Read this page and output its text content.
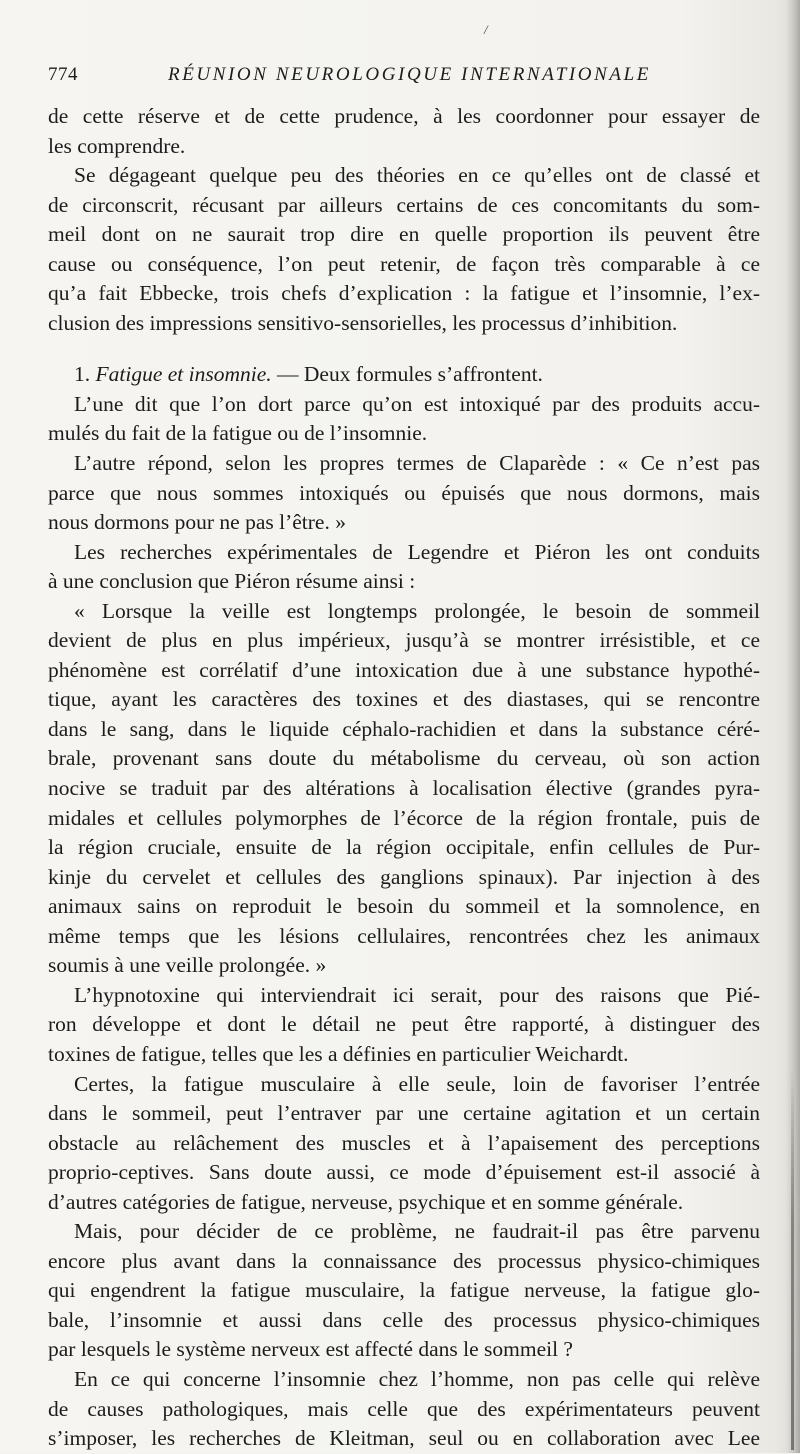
/
774	RÉUNION NEUROLOGIQUE INTERNATIONALE
de cette réserve et de cette prudence, à les coordonner pour essayer de
les comprendre.
Se dégageant quelque peu des théories en ce qu’elles ont de classé et
de circonscrit, récusant par ailleurs certains de ces concomitants du som-
meil dont on ne saurait trop dire en quelle proportion ils peuvent être
cause ou conséquence, l’on peut retenir, de façon très comparable à ce
qu’a fait Ebbecke, trois chefs d’explication : la fatigue et l’insomnie, l’ex-
clusion des impressions sensitivo-sensorielles, les processus d’inhibition.
1. Fatigue et insomnie. — Deux formules s’affrontent.
L’une dit que l’on dort parce qu’on est intoxiqué par des produits accu-
mulés du fait de la fatigue ou de l’insomnie.
L’autre répond, selon les propres termes de Claparède : « Ce n’est pas
parce que nous sommes intoxiqués ou épuisés que nous dormons, mais
nous dormons pour ne pas l’être. »
Les recherches expérimentales de Legendre et Piéron les ont conduits
à une conclusion que Piéron résume ainsi :
« Lorsque la veille est longtemps prolongée, le besoin de sommeil
devient de plus en plus impérieux, jusqu’à se montrer irrésistible, et ce
phénomène est corrélatif d’une intoxication due à une substance hypothé-
tique, ayant les caractères des toxines et des diastases, qui se rencontre
dans le sang, dans le liquide céphalo-rachidien et dans la substance céré-
brale, provenant sans doute du métabolisme du cerveau, où son action
nocive se traduit par des altérations à localisation élective (grandes pyra-
midales et cellules polymorphes de l’écorce de la région frontale, puis de
la région cruciale, ensuite de la région occipitale, enfin cellules de Pur-
kinje du cervelet et cellules des ganglions spinaux). Par injection à des
animaux sains on reproduit le besoin du sommeil et la somnolence, en
même temps que les lésions cellulaires, rencontrées chez les animaux
soumis à une veille prolongée. »
L’hypnotoxine qui interviendrait ici serait, pour des raisons que Pié-
ron développe et dont le détail ne peut être rapporté, à distinguer des
toxines de fatigue, telles que les a définies en particulier Weichardt.
Certes, la fatigue musculaire à elle seule, loin de favoriser l’entrée
dans le sommeil, peut l’entraver par une certaine agitation et un certain
obstacle au relâchement des muscles et à l’apaisement des perceptions
proprio-ceptives. Sans doute aussi, ce mode d’épuisement est-il associé à
d’autres catégories de fatigue, nerveuse, psychique et en somme générale.
Mais, pour décider de ce problème, ne faudrait-il pas être parvenu
encore plus avant dans la connaissance des processus physico-chimiques
qui engendrent la fatigue musculaire, la fatigue nerveuse, la fatigue glo-
bale, l’insomnie et aussi dans celle des processus physico-chimiques
par lesquels le système nerveux est affecté dans le sommeil ?
En ce qui concerne l’insomnie chez l’homme, non pas celle qui relève
de causes pathologiques, mais celle que des expérimentateurs peuvent
s’imposer, les recherches de Kleitman, seul ou en collaboration avec Lee
